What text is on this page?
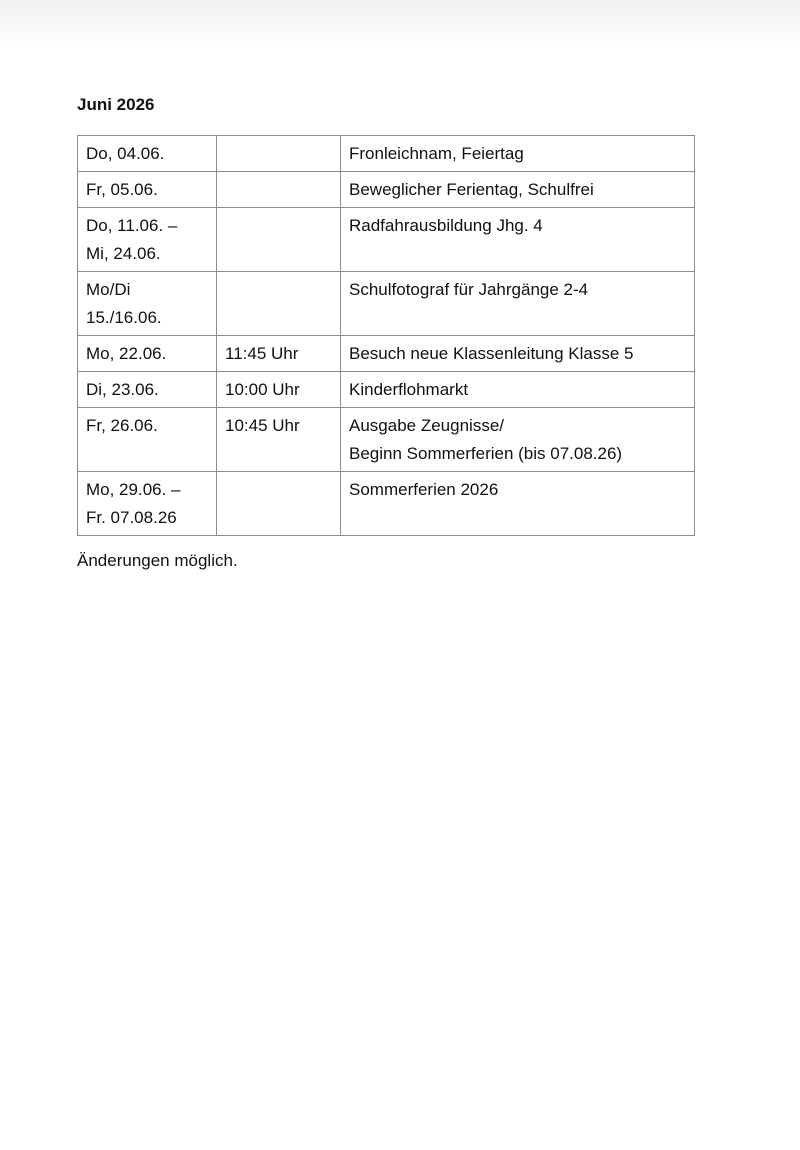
Juni 2026

Do, 04.06.		Fronleichnam, Feiertag
Fr, 05.06.		Beweglicher Ferientag, Schulfrei
Do, 11.06. –
Mi, 24.06.		Radfahrausbildung Jhg. 4
Mo/Di
15./16.06.		Schulfotograf für Jahrgänge 2-4
Mo, 22.06.	11:45 Uhr	Besuch neue Klassenleitung Klasse 5
Di, 23.06.	10:00 Uhr	Kinderflohmarkt
Fr, 26.06.	10:45 Uhr	Ausgabe Zeugnisse/
Beginn Sommerferien (bis 07.08.26)
Mo, 29.06. –
Fr. 07.08.26		Sommerferien 2026

Änderungen möglich.
